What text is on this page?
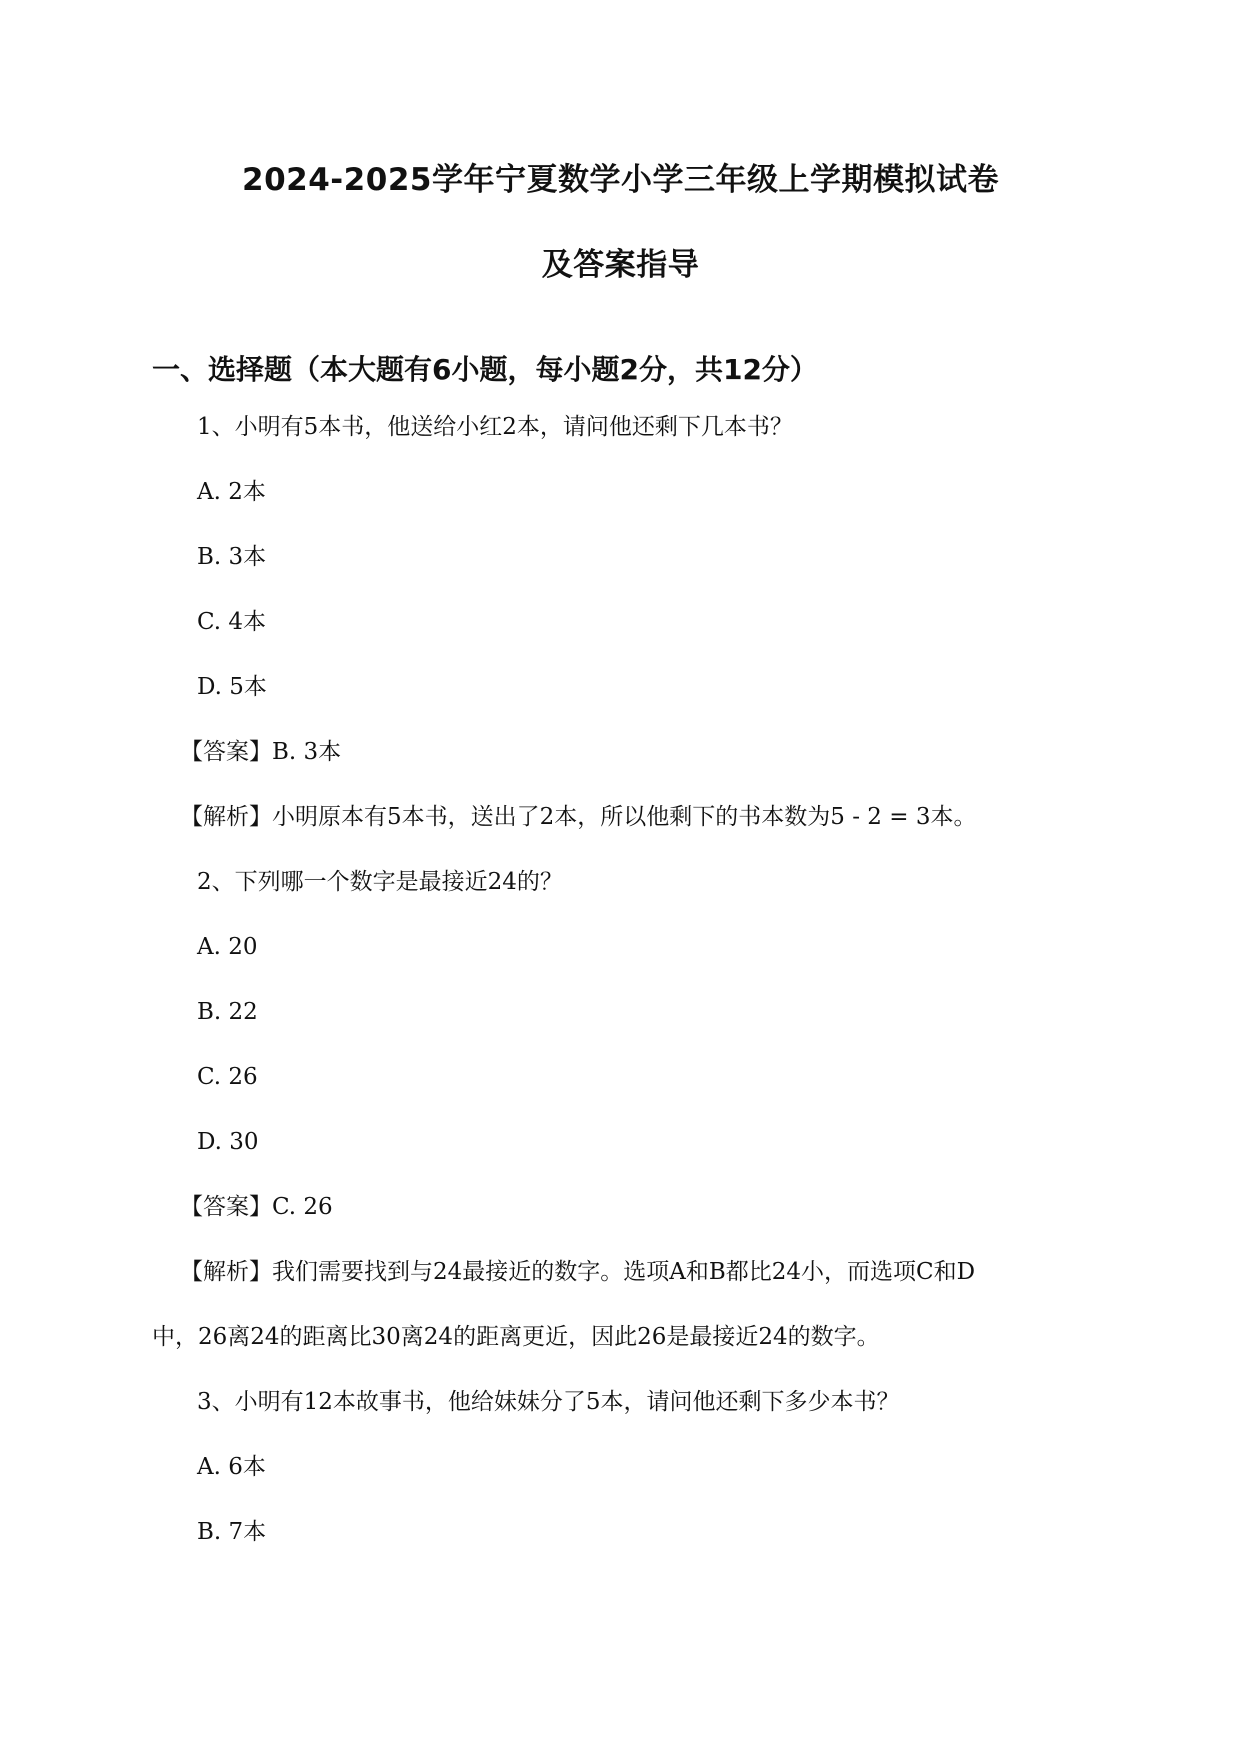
2024-2025学年宁夏数学小学三年级上学期模拟试卷
及答案指导
一、选择题（本大题有6小题，每小题2分，共12分）
1、小明有5本书，他送给小红2本，请问他还剩下几本书？
A. 2本
B. 3本
C. 4本
D. 5本
【答案】B. 3本
【解析】小明原本有5本书，送出了2本，所以他剩下的书本数为5 - 2 = 3本。
2、下列哪一个数字是最接近24的？
A. 20
B. 22
C. 26
D. 30
【答案】C. 26
【解析】我们需要找到与24最接近的数字。选项A和B都比24小，而选项C和D
中，26离24的距离比30离24的距离更近，因此26是最接近24的数字。
3、小明有12本故事书，他给妹妹分了5本，请问他还剩下多少本书？
A. 6本
B. 7本
